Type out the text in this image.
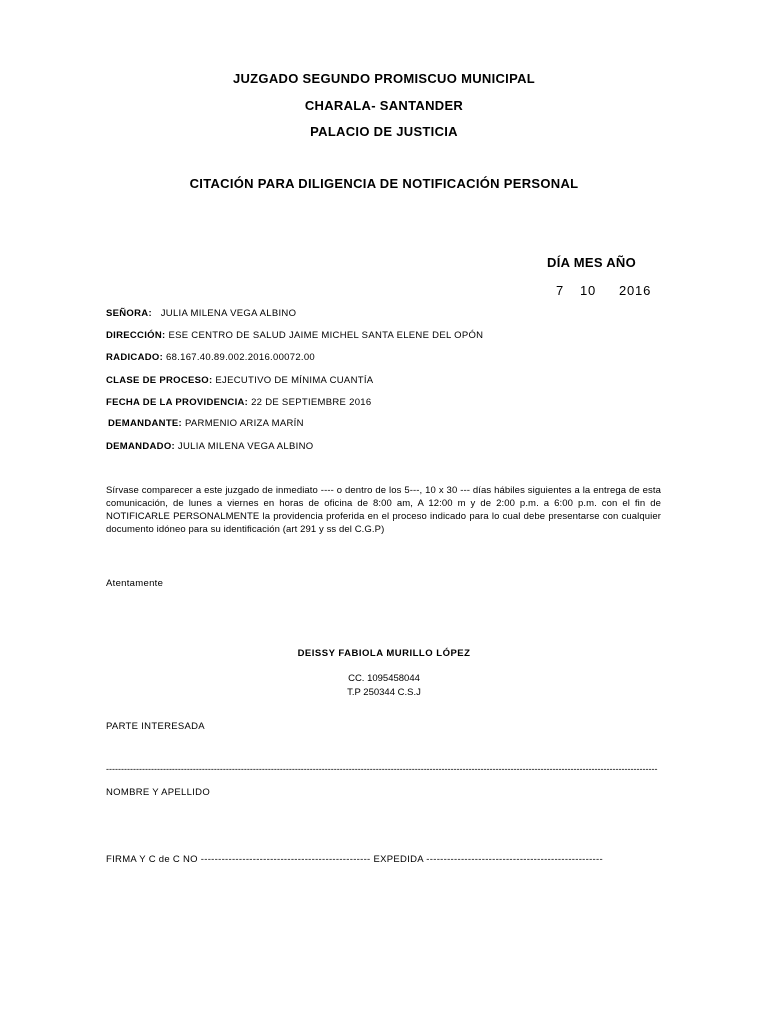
JUZGADO SEGUNDO PROMISCUO MUNICIPAL
CHARALA- SANTANDER
PALACIO DE JUSTICIA
CITACIÓN PARA DILIGENCIA DE NOTIFICACIÓN PERSONAL
DÍA MES AÑO
7 10 2016
SEÑORA: JULIA MILENA VEGA ALBINO
DIRECCIÓN: ESE CENTRO DE SALUD JAIME MICHEL SANTA ELENE DEL OPÓN
RADICADO: 68.167.40.89.002.2016.00072.00
CLASE DE PROCESO: EJECUTIVO DE MÍNIMA CUANTÍA
FECHA DE LA PROVIDENCIA: 22 DE SEPTIEMBRE 2016
DEMANDANTE: PARMENIO ARIZA MARÍN
DEMANDADO: JULIA MILENA VEGA ALBINO
Sírvase comparecer a este juzgado de inmediato ---- o dentro de los 5---, 10 x 30 --- días hábiles siguientes a la entrega de esta comunicación, de lunes a viernes en horas de oficina de 8:00 am, A 12:00 m y de 2:00 p.m. a 6:00 p.m. con el fin de NOTIFICARLE PERSONALMENTE la providencia proferida en el proceso indicado para lo cual debe presentarse con cualquier documento idóneo para su identificación (art 291 y ss del C.G.P)
Atentamente
DEISSY FABIOLA MURILLO LÓPEZ
CC. 1095458044
T.P 250344 C.S.J
PARTE INTERESADA
----------------------------------------------------------------------------------------------------------------------------------------------------------------------------------------
NOMBRE Y APELLIDO
FIRMA Y C de C NO ------------------------------------------------- EXPEDIDA ---------------------------------------------------
